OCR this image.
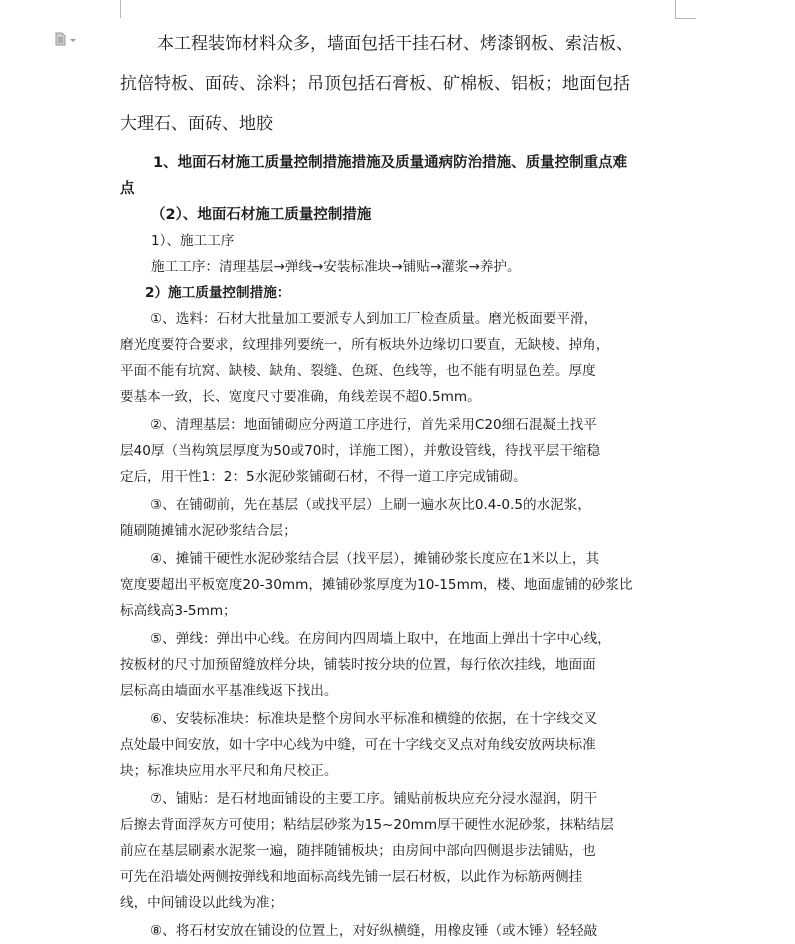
本工程装饰材料众多，墙面包括干挂石材、烤漆钢板、索洁板、
抗倍特板、面砖、涂料；吊顶包括石膏板、矿棉板、铝板；地面包括
大理石、面砖、地胶
1、地面石材施工质量控制措施措施及质量通病防治措施、质量控制重点难
点
（2）、地面石材施工质量控制措施
1）、施工工序
施工工序：清理基层→弹线→安装标准块→铺贴→灌浆→养护。
2）施工质量控制措施：
①、选料：石材大批量加工要派专人到加工厂检查质量。磨光板面要平滑，
磨光度要符合要求，纹理排列要统一，所有板块外边缘切口要直，无缺棱、掉角，
平面不能有坑窝、缺棱、缺角、裂缝、色斑、色线等，也不能有明显色差。厚度
要基本一致，长、宽度尺寸要准确，角线差误不超0.5mm。
②、清理基层：地面铺砌应分两道工序进行，首先采用C20细石混凝土找平
层40厚（当构筑层厚度为50或70时，详施工图），并敷设管线，待找平层干缩稳
定后，用干性1：2：5水泥砂浆铺砌石材，不得一道工序完成铺砌。
③、在铺砌前，先在基层（或找平层）上刷一遍水灰比0.4-0.5的水泥浆，
随刷随摊铺水泥砂浆结合层；
④、摊铺干硬性水泥砂浆结合层（找平层），摊铺砂浆长度应在1米以上，其
宽度要超出平板宽度20-30mm，摊铺砂浆厚度为10-15mm，楼、地面虚铺的砂浆比
标高线高3-5mm；
⑤、弹线：弹出中心线。在房间内四周墙上取中，在地面上弹出十字中心线，
按板材的尺寸加预留缝放样分块，铺装时按分块的位置，每行依次挂线，地面面
层标高由墙面水平基准线返下找出。
⑥、安装标准块：标准块是整个房间水平标准和横缝的依据，在十字线交叉
点处最中间安放，如十字中心线为中缝，可在十字线交叉点对角线安放两块标准
块；标准块应用水平尺和角尺校正。
⑦、铺贴：是石材地面铺设的主要工序。铺贴前板块应充分浸水湿润，阴干
后擦去背面浮灰方可使用；粘结层砂浆为15~20mm厚干硬性水泥砂浆，抹粘结层
前应在基层刷素水泥浆一遍，随拌随铺板块；由房间中部向四侧退步法铺贴，也
可先在沿墙处两侧按弹线和地面标高线先铺一层石材板，以此作为标筋两侧挂
线，中间铺设以此线为准；
⑧、将石材安放在铺设的位置上，对好纵横缝，用橡皮锤（或木锤）轻轻敲
